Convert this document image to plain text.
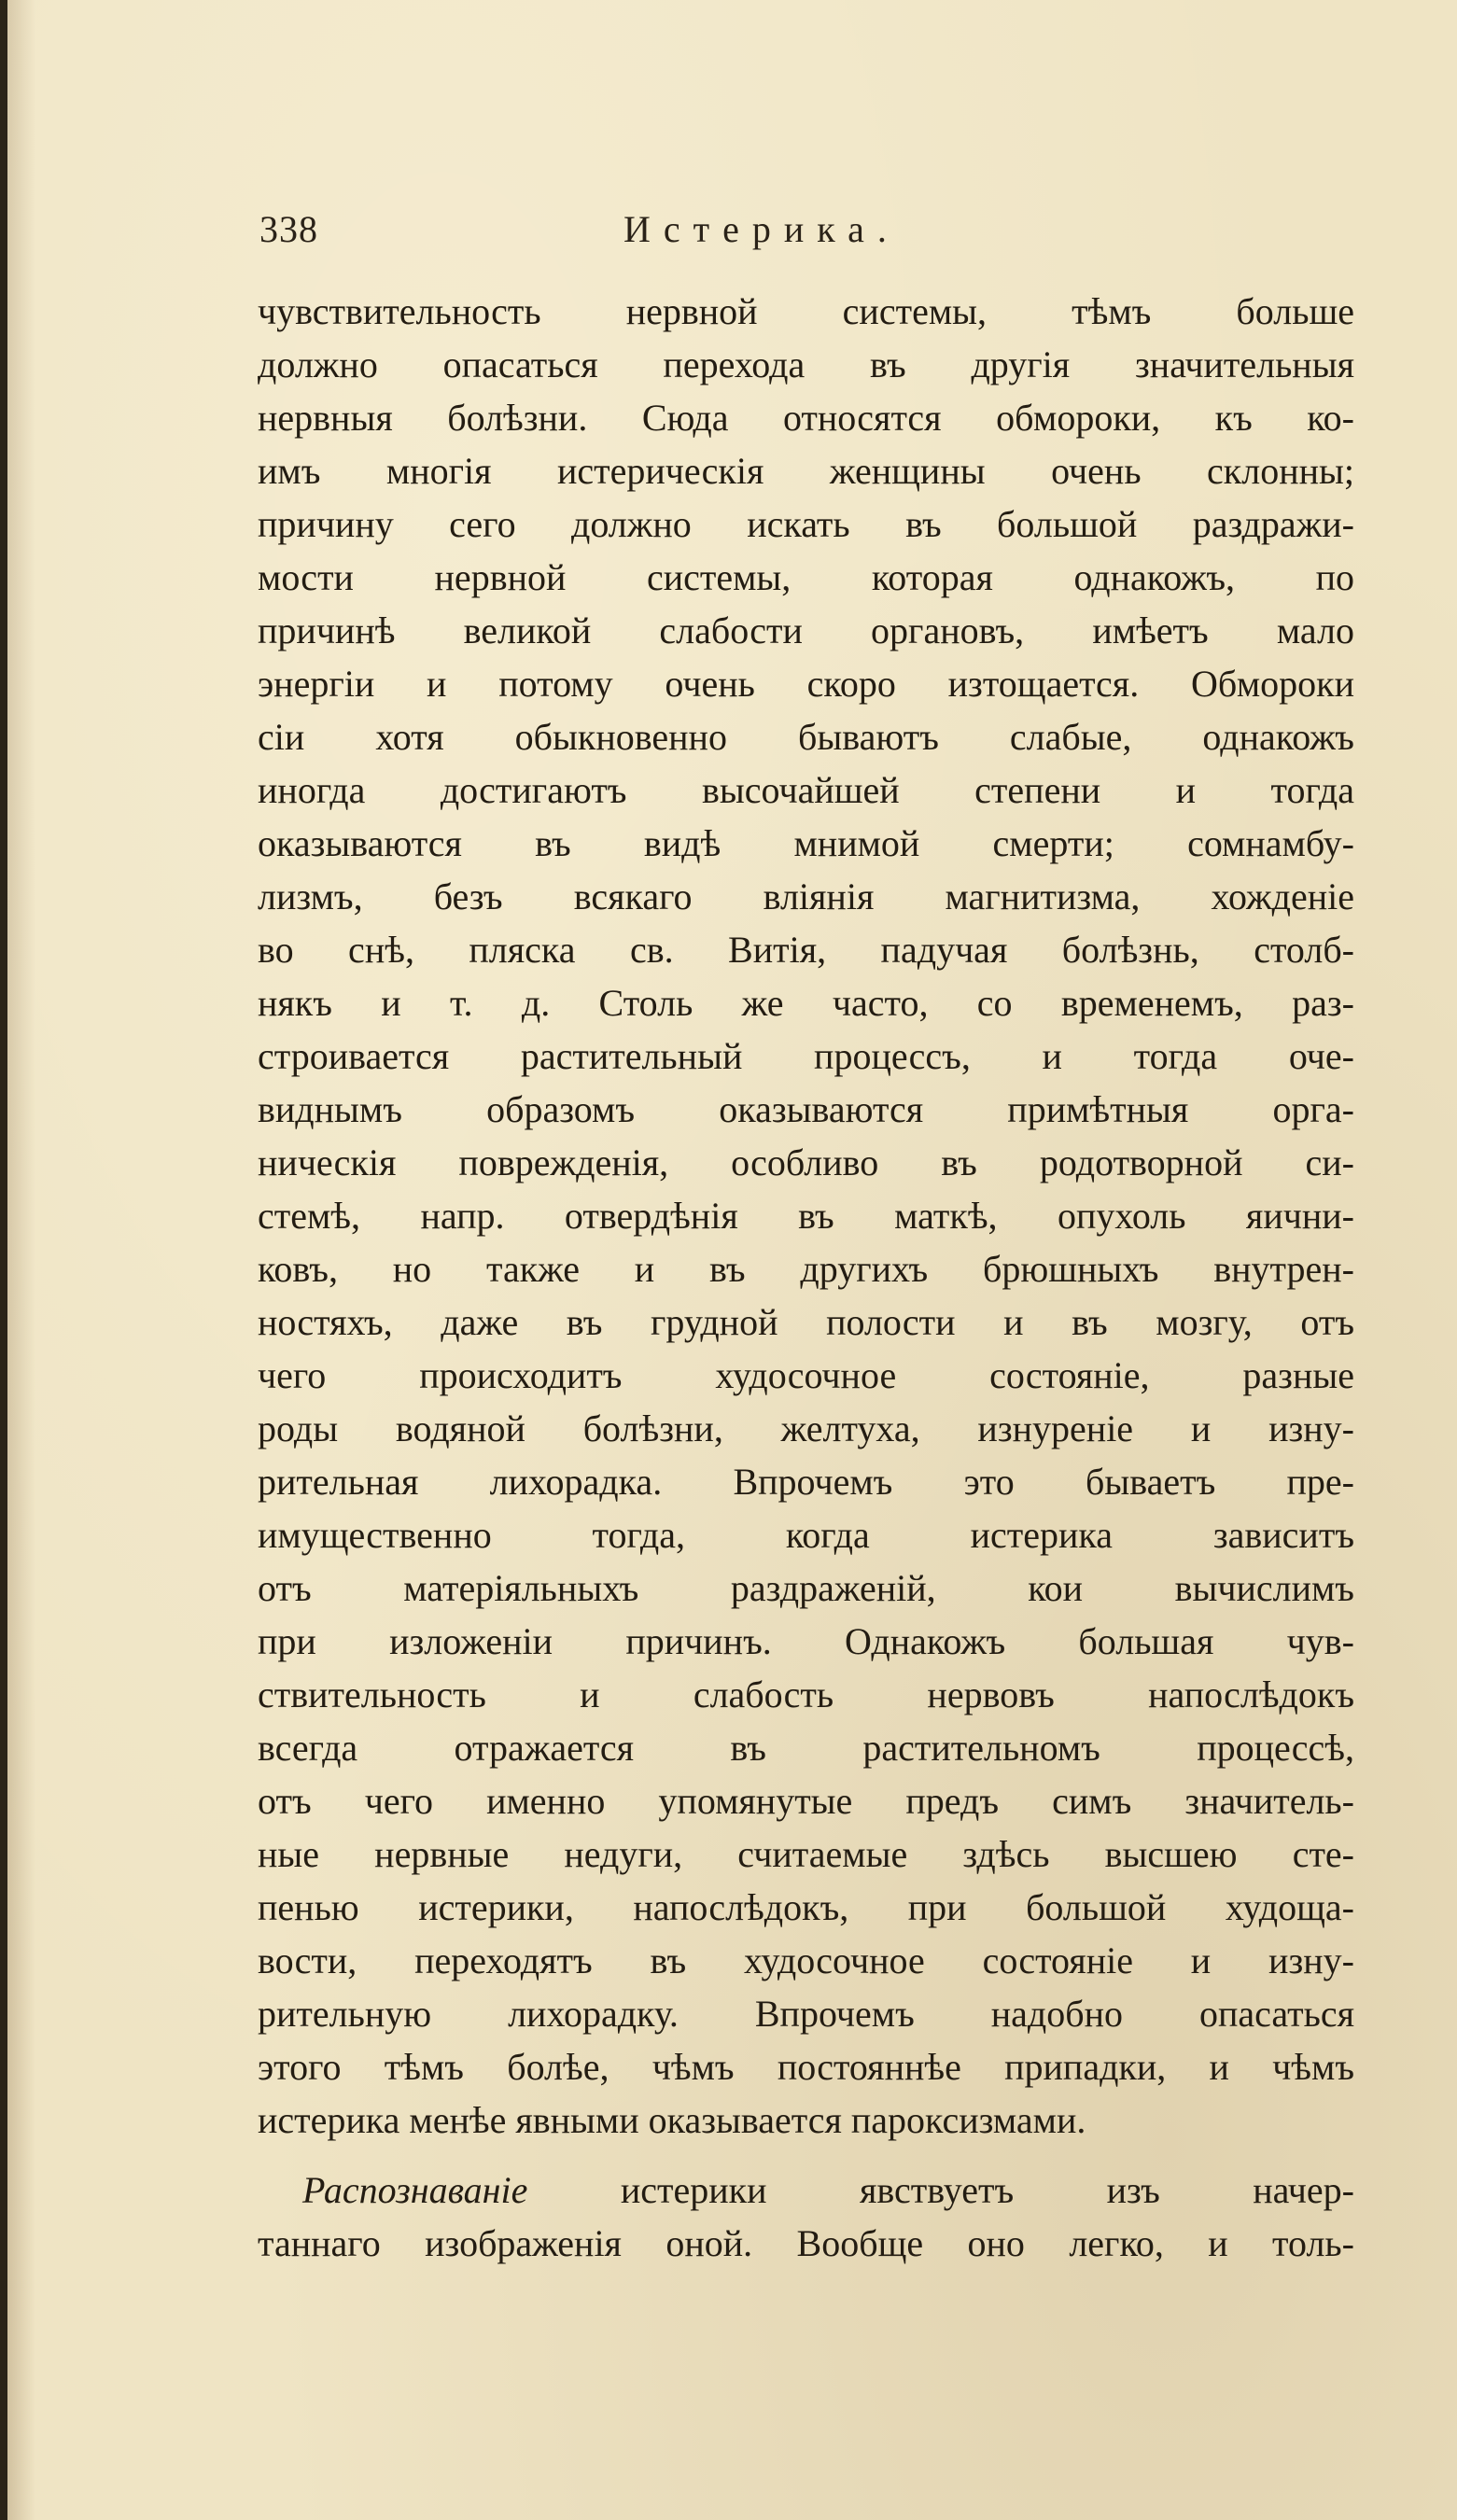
338	Истерика.
чувствительность нервной системы, тѣмъ больше
должно опасаться перехода въ другія значительныя
нервныя болѣзни. Сюда относятся обмороки, къ ко-
имъ многія истерическія женщины очень склонны;
причину сего должно искать въ большой раздражи-
мости нервной системы, которая однакожъ, по
причинѣ великой слабости органовъ, имѣетъ мало
энергіи и потому очень скоро изтощается. Обмороки
сіи хотя обыкновенно бываютъ слабые, однакожъ
иногда достигаютъ высочайшей степени и тогда
оказываются въ видѣ мнимой смерти; сомнамбу-
лизмъ, безъ всякаго вліянія магнитизма, хожденіе
во снѣ, пляска св. Витія, падучая болѣзнь, столб-
някъ и т. д. Столь же часто, со временемъ, раз-
строивается растительный процессъ, и тогда оче-
виднымъ образомъ оказываются примѣтныя орга-
ническія поврежденія, особливо въ родотворной си-
стемѣ, напр. отвердѣнія въ маткѣ, опухоль яични-
ковъ, но также и въ другихъ брюшныхъ внутрен-
ностяхъ, даже въ грудной полости и въ мозгу, отъ
чего происходитъ худосочное состояніе, разные
роды водяной болѣзни, желтуха, изнуреніе и изну-
рительная лихорадка. Впрочемъ это бываетъ пре-
имущественно тогда, когда истерика зависитъ
отъ матеріяльныхъ раздраженій, кои вычислимъ
при изложеніи причинъ. Однакожъ большая чув-
ствительность и слабость нервовъ напослѣдокъ
всегда отражается въ растительномъ процессѣ,
отъ чего именно упомянутые предъ симъ значитель-
ные нервные недуги, считаемые здѣсь высшею сте-
пенью истерики, напослѣдокъ, при большой худоща-
вости, переходятъ въ худосочное состояніе и изну-
рительную лихорадку. Впрочемъ надобно опасаться
этого тѣмъ болѣе, чѣмъ постояннѣе припадки, и чѣмъ
истерика менѣе явными оказывается пароксизмами.
Распознаваніе истерики явствуетъ изъ начер-
таннаго изображенія оной. Вообще оно легко, и толь-
